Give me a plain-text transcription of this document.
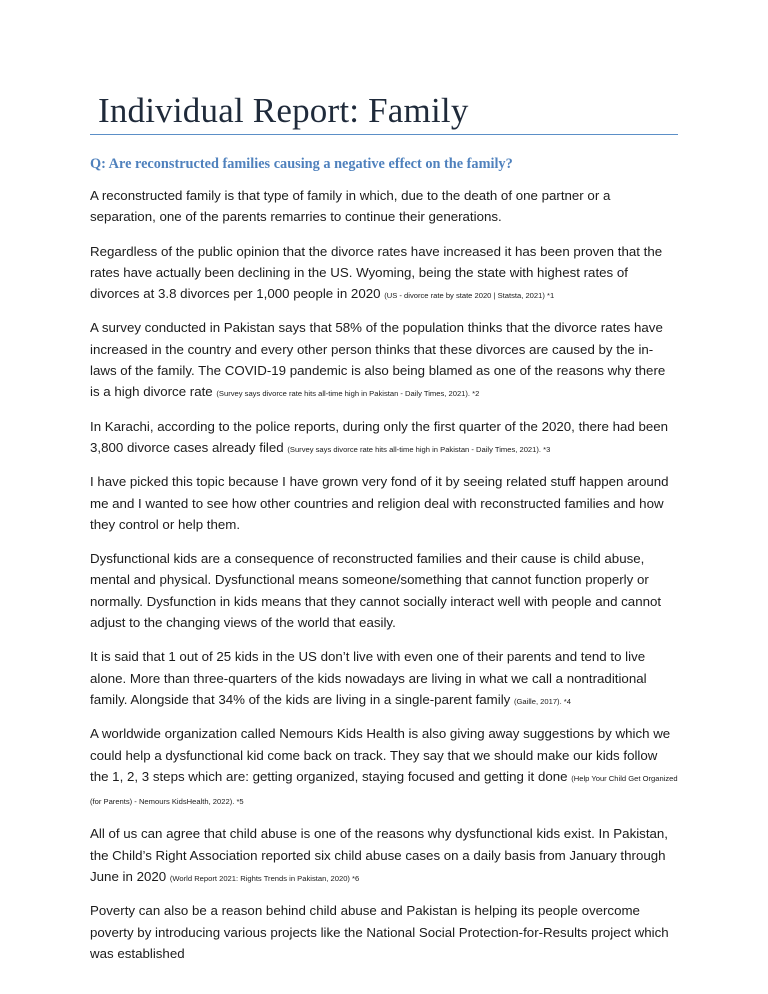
Individual Report: Family
Q: Are reconstructed families causing a negative effect on the family?

A reconstructed family is that type of family in which, due to the death of one partner or a separation, one of the parents remarries to continue their generations.

Regardless of the public opinion that the divorce rates have increased it has been proven that the rates have actually been declining in the US. Wyoming, being the state with highest rates of divorces at 3.8 divorces per 1,000 people in 2020 (US - divorce rate by state 2020 | Statsta, 2021) *1

A survey conducted in Pakistan says that 58% of the population thinks that the divorce rates have increased in the country and every other person thinks that these divorces are caused by the in-laws of the family. The COVID-19 pandemic is also being blamed as one of the reasons why there is a high divorce rate (Survey says divorce rate hits all-time high in Pakistan - Daily Times, 2021). *2

In Karachi, according to the police reports, during only the first quarter of the 2020, there had been 3,800 divorce cases already filed (Survey says divorce rate hits all-time high in Pakistan - Daily Times, 2021). *3

I have picked this topic because I have grown very fond of it by seeing related stuff happen around me and I wanted to see how other countries and religion deal with reconstructed families and how they control or help them.

Dysfunctional kids are a consequence of reconstructed families and their cause is child abuse, mental and physical. Dysfunctional means someone/something that cannot function properly or normally. Dysfunction in kids means that they cannot socially interact well with people and cannot adjust to the changing views of the world that easily.

It is said that 1 out of 25 kids in the US don’t live with even one of their parents and tend to live alone. More than three-quarters of the kids nowadays are living in what we call a nontraditional family. Alongside that 34% of the kids are living in a single-parent family (Gaille, 2017). *4

A worldwide organization called Nemours Kids Health is also giving away suggestions by which we could help a dysfunctional kid come back on track. They say that we should make our kids follow the 1, 2, 3 steps which are: getting organized, staying focused and getting it done (Help Your Child Get Organized (for Parents) - Nemours KidsHealth, 2022). *5

All of us can agree that child abuse is one of the reasons why dysfunctional kids exist. In Pakistan, the Child’s Right Association reported six child abuse cases on a daily basis from January through June in 2020 (World Report 2021: Rights Trends in Pakistan, 2020) *6

Poverty can also be a reason behind child abuse and Pakistan is helping its people overcome poverty by introducing various projects like the National Social Protection-for-Results project which was established
